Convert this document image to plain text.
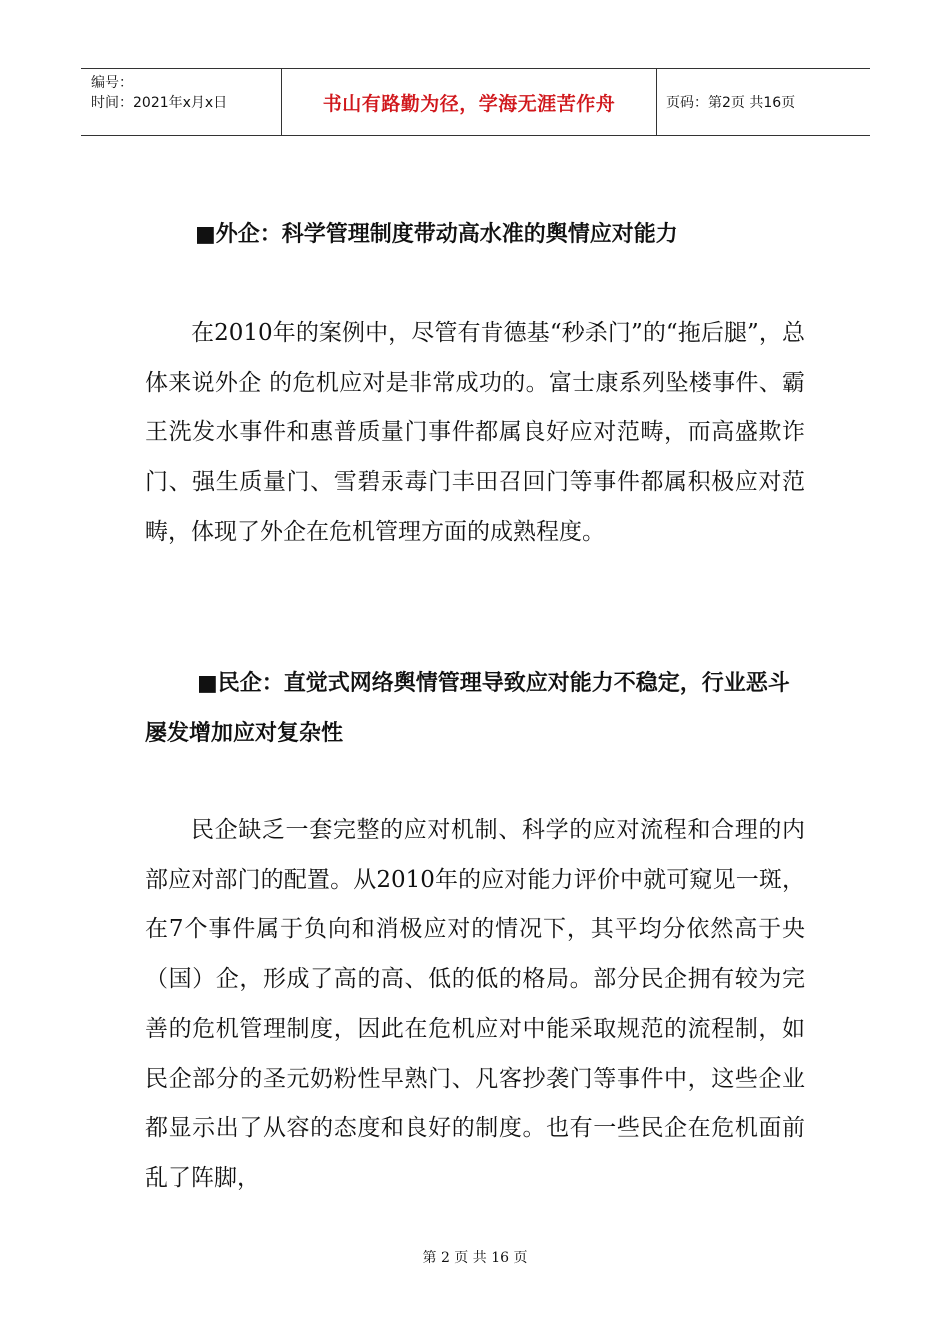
编号：
时间：2021年x月x日	书山有路勤为径，学海无涯苦作舟	页码：第2页 共16页
■外企：科学管理制度带动高水准的舆情应对能力
在2010年的案例中，尽管有肯德基“秒杀门”的“拖后腿”，总体来说外企 的危机应对是非常成功的。富士康系列坠楼事件、霸王洗发水事件和惠普质量门事件都属良好应对范畴，而高盛欺诈门、强生质量门、雪碧汞毒门丰田召回门等事件都属积极应对范畴，体现了外企在危机管理方面的成熟程度。
■民企：直觉式网络舆情管理导致应对能力不稳定，行业恶斗屡发增加应对复杂性
民企缺乏一套完整的应对机制、科学的应对流程和合理的内部应对部门的配置。从2010年的应对能力评价中就可窥见一斑，在7个事件属于负向和消极应对的情况下，其平均分依然高于央（国）企，形成了高的高、低的低的格局。部分民企拥有较为完善的危机管理制度，因此在危机应对中能采取规范的流程制，如民企部分的圣元奶粉性早熟门、凡客抄袭门等事件中，这些企业都显示出了从容的态度和良好的制度。也有一些民企在危机面前乱了阵脚，
第 2 页 共 16 页
